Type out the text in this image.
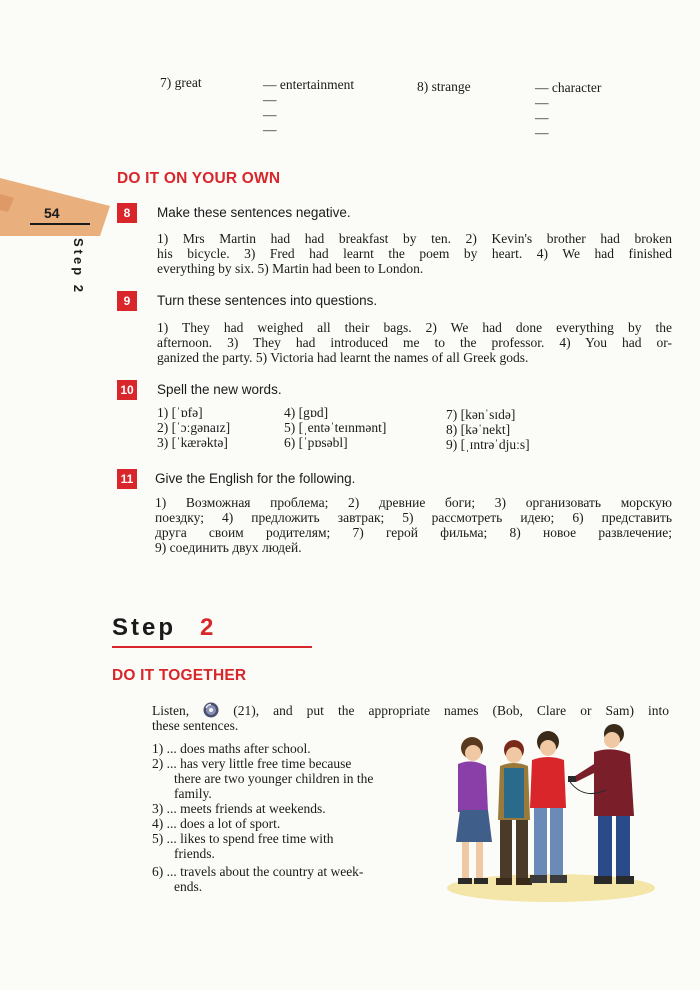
7) great	— entertainment
—
—
—
8) strange	— character
—
—
—
54
Step 2
DO IT ON YOUR OWN
8	Make these sentences negative.
1) Mrs Martin had had breakfast by ten. 2) Kevin's brother had broken
his bicycle. 3) Fred had learnt the poem by heart. 4) We had finished
everything by six. 5) Martin had been to London.
9	Turn these sentences into questions.
1) They had weighed all their bags. 2) We had done everything by the
afternoon. 3) They had introduced me to the professor. 4) You had or-
ganized the party. 5) Victoria had learnt the names of all Greek gods.
10 Spell the new words.
1) [ˈɒfə]
2) [ˈɔːgənaɪz]
3) [ˈkærəktə]
4) [gɒd]
5) [ˌentəˈteɪnmənt]
6) [ˈpɒsəbl]
7) [kənˈsɪdə]
8) [kəˈnekt]
9) [ˌɪntrəˈdjuːs]
11 Give the English for the following.
1) Возможная проблема; 2) древние боги; 3) организовать морскую
поездку; 4) предложить завтрак; 5) рассмотреть идею; 6) представить
друга своим родителям; 7) герой фильма; 8) новое развлечение;
9) соединить двух людей.
Step 2
DO IT TOGETHER
Listen,	(21), and put the appropriate names (Bob, Clare or Sam) into
these sentences.
1) ... does maths after school.
2) ... has very little free time because
there are two younger children in the
family.
3) ... meets friends at weekends.
4) ... does a lot of sport.
5) ... likes to spend free time with
friends.
6) ... travels about the country at week-
ends.
